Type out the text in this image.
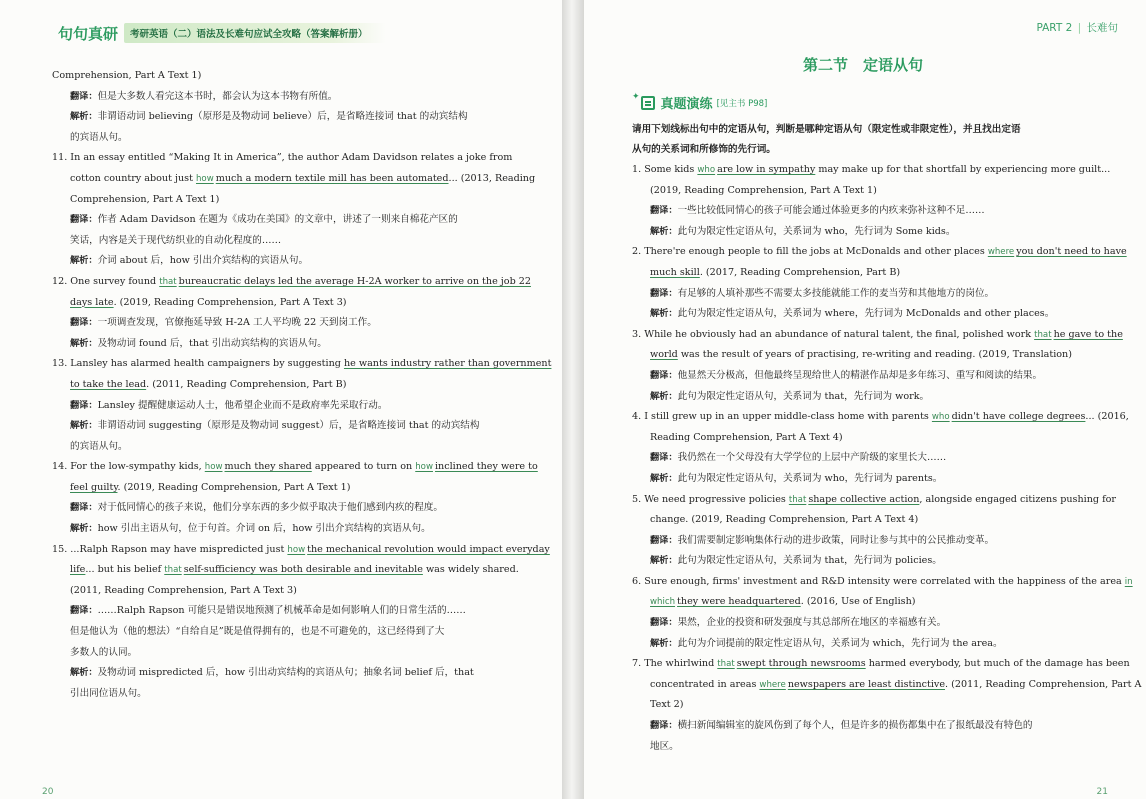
句句真研	考研英语（二）语法及长难句应试全攻略（答案解析册）
Comprehension, Part A Text 1)
翻译：但是大多数人看完这本书时，都会认为这本书物有所值。
解析：非谓语动词 believing（原形是及物动词 believe）后，是省略连接词 that 的动宾结构
的宾语从句。
11. In an essay entitled “Making It in America”, the author Adam Davidson relates a joke from
cotton country about just how much a modern textile mill has been automated... (2013, Reading
Comprehension, Part A Text 1)
翻译：作者 Adam Davidson 在题为《成功在美国》的文章中，讲述了一则来自棉花产区的
笑话，内容是关于现代纺织业的自动化程度的……
解析：介词 about 后，how 引出介宾结构的宾语从句。
12. One survey found that bureaucratic delays led the average H-2A worker to arrive on the job 22
days late. (2019, Reading Comprehension, Part A Text 3)
翻译：一项调查发现，官僚拖延导致 H-2A 工人平均晚 22 天到岗工作。
解析：及物动词 found 后，that 引出动宾结构的宾语从句。
13. Lansley has alarmed health campaigners by suggesting he wants industry rather than government
to take the lead. (2011, Reading Comprehension, Part B)
翻译：Lansley 提醒健康运动人士，他希望企业而不是政府率先采取行动。
解析：非谓语动词 suggesting（原形是及物动词 suggest）后，是省略连接词 that 的动宾结构
的宾语从句。
14. For the low-sympathy kids, how much they shared appeared to turn on how inclined they were to
feel guilty. (2019, Reading Comprehension, Part A Text 1)
翻译：对于低同情心的孩子来说，他们分享东西的多少似乎取决于他们感到内疚的程度。
解析：how 引出主语从句，位于句首。介词 on 后，how 引出介宾结构的宾语从句。
15. ...Ralph Rapson may have mispredicted just how the mechanical revolution would impact everyday
life... but his belief that self-sufficiency was both desirable and inevitable was widely shared.
(2011, Reading Comprehension, Part A Text 3)
翻译：……Ralph Rapson 可能只是错误地预测了机械革命是如何影响人们的日常生活的……
但是他认为（他的想法）“自给自足”既是值得拥有的，也是不可避免的，这已经得到了大
多数人的认同。
解析：及物动词 mispredicted 后，how 引出动宾结构的宾语从句；抽象名词 belief 后，that
引出同位语从句。
20
PART 2 | 长难句
第二节　定语从句
✦
真题演练 [见主书 P98]
请用下划线标出句中的定语从句，判断是哪种定语从句（限定性或非限定性），并且找出定语
从句的关系词和所修饰的先行词。
1. Some kids who are low in sympathy may make up for that shortfall by experiencing more guilt...
(2019, Reading Comprehension, Part A Text 1)
翻译：一些比较低同情心的孩子可能会通过体验更多的内疚来弥补这种不足……
解析：此句为限定性定语从句，关系词为 who，先行词为 Some kids。
2. There're enough people to fill the jobs at McDonalds and other places where you don't need to have
much skill. (2017, Reading Comprehension, Part B)
翻译：有足够的人填补那些不需要太多技能就能工作的麦当劳和其他地方的岗位。
解析：此句为限定性定语从句，关系词为 where，先行词为 McDonalds and other places。
3. While he obviously had an abundance of natural talent, the final, polished work that he gave to the
world was the result of years of practising, re-writing and reading. (2019, Translation)
翻译：他显然天分极高，但他最终呈现给世人的精湛作品却是多年练习、重写和阅读的结果。
解析：此句为限定性定语从句，关系词为 that，先行词为 work。
4. I still grew up in an upper middle-class home with parents who didn't have college degrees... (2016,
Reading Comprehension, Part A Text 4)
翻译：我仍然在一个父母没有大学学位的上层中产阶级的家里长大……
解析：此句为限定性定语从句，关系词为 who，先行词为 parents。
5. We need progressive policies that shape collective action, alongside engaged citizens pushing for
change. (2019, Reading Comprehension, Part A Text 4)
翻译：我们需要制定影响集体行动的进步政策，同时让参与其中的公民推动变革。
解析：此句为限定性定语从句，关系词为 that，先行词为 policies。
6. Sure enough, firms' investment and R&D intensity were correlated with the happiness of the area in
which they were headquartered. (2016, Use of English)
翻译：果然，企业的投资和研发强度与其总部所在地区的幸福感有关。
解析：此句为介词提前的限定性定语从句，关系词为 which，先行词为 the area。
7. The whirlwind that swept through newsrooms harmed everybody, but much of the damage has been
concentrated in areas where newspapers are least distinctive. (2011, Reading Comprehension, Part A
Text 2)
翻译：横扫新闻编辑室的旋风伤到了每个人，但是许多的损伤都集中在了报纸最没有特色的
地区。
21
